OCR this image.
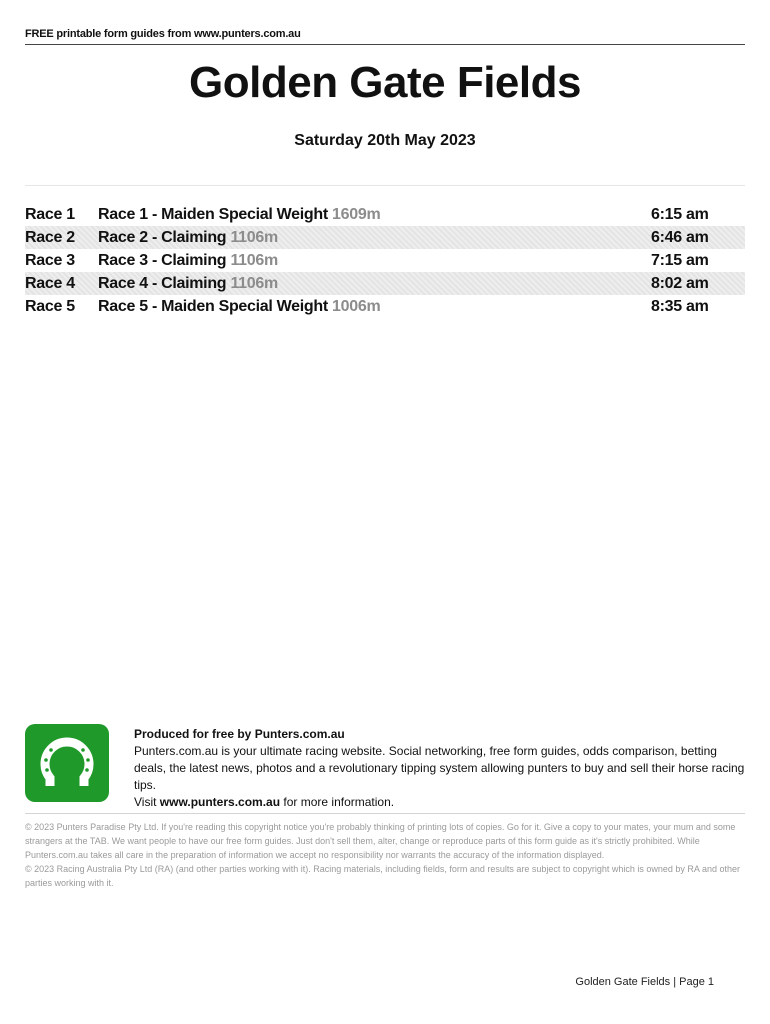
FREE printable form guides from www.punters.com.au
Golden Gate Fields
Saturday 20th May 2023
Race 1	Race 1 - Maiden Special Weight 1609m	6:15 am
Race 2	Race 2 - Claiming 1106m	6:46 am
Race 3	Race 3 - Claiming 1106m	7:15 am
Race 4	Race 4 - Claiming 1106m	8:02 am
Race 5	Race 5 - Maiden Special Weight 1006m	8:35 am
Produced for free by Punters.com.au
Punters.com.au is your ultimate racing website. Social networking, free form guides, odds comparison, betting deals, the latest news, photos and a revolutionary tipping system allowing punters to buy and sell their horse racing tips.
Visit www.punters.com.au for more information.
© 2023 Punters Paradise Pty Ltd. If you're reading this copyright notice you're probably thinking of printing lots of copies. Go for it. Give a copy to your mates, your mum and some strangers at the TAB. We want people to have our free form guides. Just don't sell them, alter, change or reproduce parts of this form guide as it's strictly prohibited. While Punters.com.au takes all care in the preparation of information we accept no responsibility nor warrants the accuracy of the information displayed.
© 2023 Racing Australia Pty Ltd (RA) (and other parties working with it). Racing materials, including fields, form and results are subject to copyright which is owned by RA and other parties working with it.
Golden Gate Fields | Page 1
